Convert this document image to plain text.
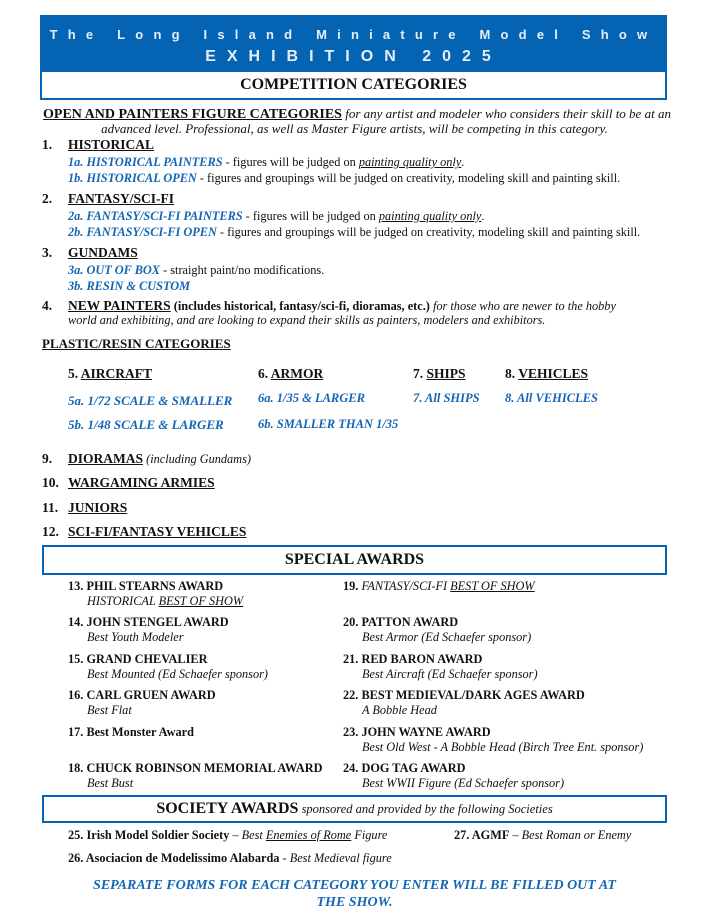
The Long Island Miniature Model Show
EXHIBITION 2025
COMPETITION CATEGORIES
OPEN AND PAINTERS FIGURE CATEGORIES for any artist and modeler who considers their skill to be at an
advanced level. Professional, as well as Master Figure artists, will be competing in this category.
1. HISTORICAL
1a. HISTORICAL PAINTERS - figures will be judged on painting quality only.
1b. HISTORICAL OPEN - figures and groupings will be judged on creativity, modeling skill and painting skill.
2. FANTASY/SCI-FI
2a. FANTASY/SCI-FI PAINTERS - figures will be judged on painting quality only.
2b. FANTASY/SCI-FI OPEN - figures and groupings will be judged on creativity, modeling skill and painting skill.
3. GUNDAMS
3a. OUT OF BOX - straight paint/no modifications.
3b. RESIN & CUSTOM
4. NEW PAINTERS (includes historical, fantasy/sci-fi, dioramas, etc.) for those who are newer to the hobby
world and exhibiting, and are looking to expand their skills as painters, modelers and exhibitors.
PLASTIC/RESIN CATEGORIES
5. AIRCRAFT
5a. 1/72 SCALE & SMALLER
5b. 1/48 SCALE & LARGER
6. ARMOR
6a. 1/35 & LARGER
6b. SMALLER THAN 1/35
7. SHIPS
7. All SHIPS
8. VEHICLES
8. All VEHICLES
9. DIORAMAS (including Gundams)
10. WARGAMING ARMIES
11. JUNIORS
12. SCI-FI/FANTASY VEHICLES
SPECIAL AWARDS
13. PHIL STEARNS AWARD
HISTORICAL BEST OF SHOW
14. JOHN STENGEL AWARD
Best Youth Modeler
15. GRAND CHEVALIER
Best Mounted (Ed Schaefer sponsor)
16. CARL GRUEN AWARD
Best Flat
17. Best Monster Award
18. CHUCK ROBINSON MEMORIAL AWARD
Best Bust
19. FANTASY/SCI-FI BEST OF SHOW
20. PATTON AWARD
Best Armor (Ed Schaefer sponsor)
21. RED BARON AWARD
Best Aircraft (Ed Schaefer sponsor)
22. BEST MEDIEVAL/DARK AGES AWARD
A Bobble Head
23. JOHN WAYNE AWARD
Best Old West - A Bobble Head (Birch Tree Ent. sponsor)
24. DOG TAG AWARD
Best WWII Figure (Ed Schaefer sponsor)
SOCIETY AWARDS sponsored and provided by the following Societies
25. Irish Model Soldier Society – Best Enemies of Rome Figure
26. Asociacion de Modelissimo Alabarda - Best Medieval figure
27. AGMF – Best Roman or Enemy
SEPARATE FORMS FOR EACH CATEGORY YOU ENTER WILL BE FILLED OUT AT
THE SHOW.
